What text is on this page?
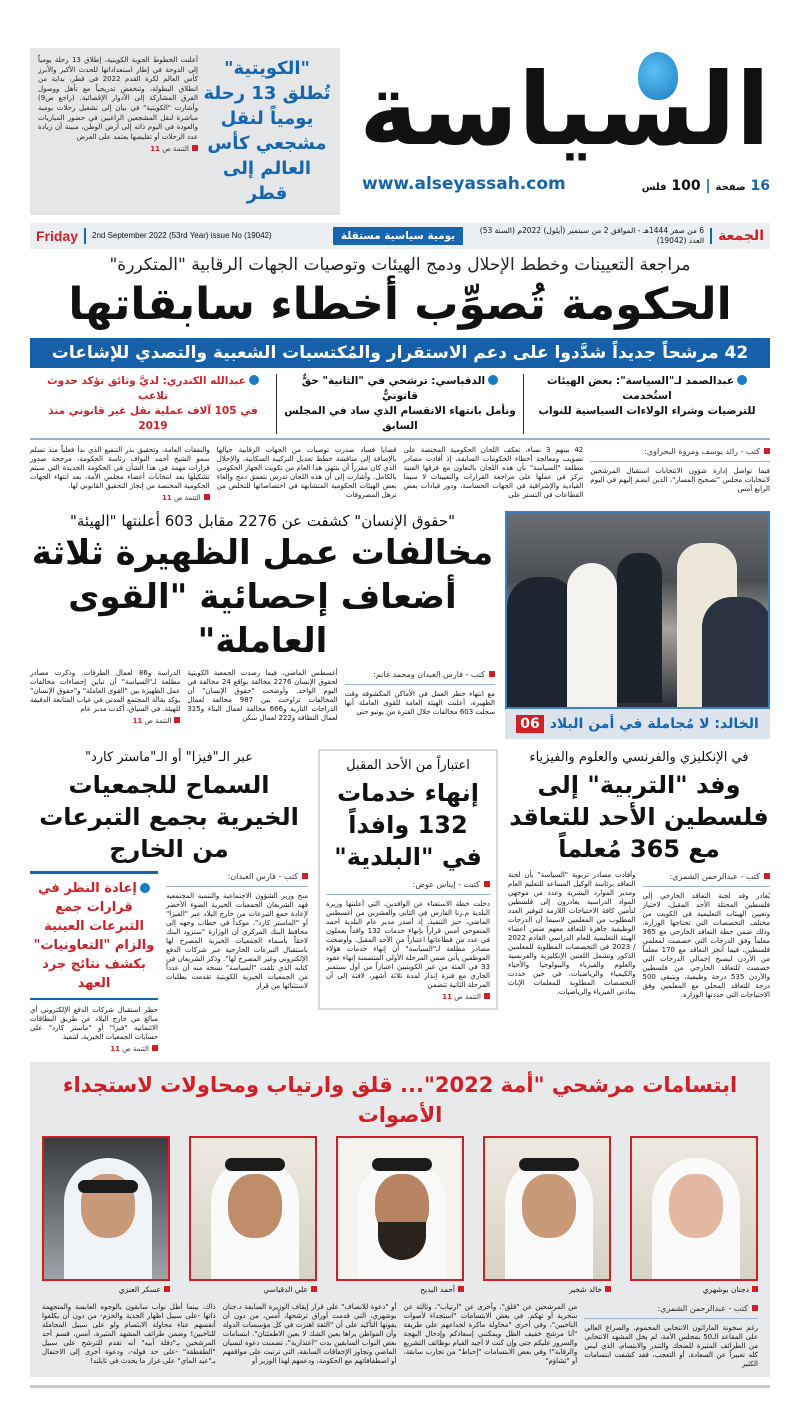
"الكويتية" تُطلق 13 رحلة يومياً لنقل مشجعي كأس العالم إلى قطر
أعلنت الخطوط الجوية الكويتية، إطلاق 13 رحلة يومياً إلى الدوحة في إطار استعداداتها للحدث الأكبر والأبرز كأس العالم لكرة القدم 2022 في قطر، بداية من انطلاق البطولة، وتنخفض تدريجياً مع تأهل ووصول الفرق المشاركة إلى الأدوار الإقصائية. (راجع ص9) وأشارت "الكويتية" في بيان إلى تشغيل رحلات يومية مباشرة لنقل المشجعين الراغبين في حضور المباريات والعودة في اليوم ذاته إلى أرض الوطن، مبينة أن زيادة عدد الرحلات أو تقليصها يعتمد على العرض
التتمة ص 11	السياسة
16 صفحة | 100 فلس
www.alseyassah.com
الجمعة
6 من صفر 1444هـ - الموافق 2 من سبتمبر (أيلول) 2022م (السنة 53) العدد (19042)
يومية سياسية مستقلة
2nd September 2022 (53rd Year) issue No (19042)
Friday
مراجعة التعيينات وخطط الإحلال ودمج الهيئات وتوصيات الجهات الرقابية "المتكررة"
الحكومة تُصوِّب أخطاء سابقاتها
42 مرشحاً جديداً شدَّدوا على دعم الاستقرار والمُكتسبات الشعبية والتصدي للإشاعات
عبدالصمد لـ"السياسة": بعض الهيئات استُخدمت
للترضيات وشراء الولاءات السياسية للنواب
الدقباسي: ترشحي في "الثانية" حقٌّ قانونيٌّ
ونأمل بانتهاء الانقسام الذي ساد في المجلس السابق
عبدالله الكندري: لديَّ وثائق تؤكد حدوث تلاعب
في 105 آلاف عملية نقل غير قانوني منذ 2019
كتب - رائد يوسف ومروة البحراوي:
فيما تواصل إدارة شؤون الانتخابات استقبال المرشحين لانتخابات مجلس "تصحيح المسار"، الذين انضم إليهم في اليوم الرابع أمس
42 بينهم 3 نساء، تعكف اللجان الحكومية المختصة على تصويب ومعالجة أخطاء الحكومات السابقة، إذ أفادت مصادر مطلعة "السياسة" بأن هذه اللجان بالتعاون مع فرقها الفنية تركز في عملها على مراجعة القرارات والتعيينات لا سيما القيادية والإشرافية في الجهات الحساسة، ودور قيادات بعض القطاعات في التستر على
قضايا فساد صدرت توصيات من الجهات الرقابية حيالها بالإضافة إلى مناقشة خطط تعديل التركيبة السكانية، والإحلال الذي كان مقرراً أن ينتهي هذا العام من تكويت الجهاز الحكومي بالكامل. وأشارت إلى أن هذه اللجان تدرس بتعمق دمج وإلغاء بعض الهيئات الحكومية المتشابهة في اختصاصاتها للتخلص من ترهل المصروفات
والنفقات العامة، وتحقيق بذر التنفيع الذي بدأ فعلياً منذ تسلم سمو الشيخ أحمد النواف رئاسة الحكومة، مرجحة صدور قرارات مهمة في هذا الشأن في الحكومة الجديدة التي سيتم تشكيلها بعد انتخابات أعضاء مجلس الأمة، بعد انتهاء الجهات الحكومية المختصة من إنجاز التحقيق القانوني لها.
التتمة ص 11
الخالد: لا مُجاملة في أمن البلاد
06
"حقوق الإنسان" كشفت عن 2276 مقابل 603 أعلنتها "الهيئة"
مخالفات عمل الظهيرة ثلاثة أضعاف إحصائية "القوى العاملة"
كتب - فارس العبدان ومحمد غانم:
مع انتهاء حظر العمل في الأماكن المكشوفة وقت الظهيرة، أعلنت الهيئة العامة للقوى العاملة أنها سجلت 603 مخالفات خلال الفترة من يونيو حتى
أغسطس الماضي، فيما رصدت الجمعية الكويتية لحقوق الإنسان 2276 مخالفة بواقع 24 مخالفة في اليوم الواحد. وأوضحت "حقوق الإنسان" أن المخالفات تراوحت بين 987 مخالفة لعمال الدراجات النارية و666 مخالفة لعمال البناء و315 لعمال النظافة و222 لعمال سكن
الدراسة و86 لعمال الطرقات. وذكرت مصادر مطلعة لـ"السياسة" أن تباين إحصاءات مخالفات عمل الظهيرة بين "القوى العاملة" و"حقوق الإنسان" يؤكد بقالة المجتمع المدني في غياب المتابعة الدقيقة للهيئة. في السياق، أكدت مدير عام
التتمة ص 11
في الإنكليزي والفرنسي والعلوم والفيزياء
وفد "التربية" إلى فلسطين الأحد للتعاقد مع 365 مُعلماً
كتب - عبدالرحمن الشمري:
يُغادر وفد لجنة التعاقد الخارجي إلى فلسطين المحتلة الأحد المقبل، لاختيار وتعيين الهيئات التعليمية في الكويت من مختلف التخصصات التي تحتاجها الوزارة، وذلك ضمن خطة التعاقد الخارجي مع 365 معلماً وفق الدرجات التي خصصت لمعلمي فلسطين، فيما أنجز التعاقد مع 170 معلماً من الأردن ليصبح إجمالي الدرجات التي خصصت للتعاقد الخارجي من فلسطين والأردن 535 درجة وظيفية، ويتبقى 500 درجة للتعاقد المحلي مع المعلمين وفق الاحتياجات التي حددتها الوزارة.
وأفادت مصادر تربوية "السياسة" بأن لجنة التعاقد برئاسة الوكيل المساعد للتعليم العام ومدير الموارد البشرية وعدد من موجهي المواد الدراسية يغادرون إلى فلسطين لتأمين كافة الاحتياجات اللازمة لتوفير العدد المطلوب من المعلمين لاسيما أن الدرجات الوظيفية جاهزة للتعاقد معهم ضمن أعضاء الهيئة التعليمية للعام الدراسي القادم 2022 / 2023 في التخصصات المطلوبة للمعلمين الذكور وتشمل اللغتين الإنكليزية والفرنسية والعلوم والفيزياء والبيولوجيا والأحياء والكيمياء والرياضيات، في حين حددت التخصصات المطلوبة للمعلمات الإناث بمادتي الفيزياء والرياضيات.
اعتباراً من الأحد المقبل
إنهاء خدمات 132 وافداً في "البلدية"
كتبت - إيناس عوض:
دخلت خطة الاستغناء عن الوافدين، التي أعلنتها وزيرة البلدية م.رنا الفارس في الثاني والعشرين من أغسطس الماضي، حيز التنفيذ، إذ أصدر مدير عام البلدية أحمد المنفوحي أمس قراراً بإنهاء خدمات 132 وافداً يعملون في عدد من قطاعاتها اعتباراً من الأحد المقبل. وأوضحت مصادر مطلعة لـ"السياسة" أن إنهاء خدمات هؤلاء الموظفين يأتي ضمن المرحلة الأولى المتضمنة إنهاء عقود 33 في المئة من غير الكويتيين اعتباراً من أول سبتمبر الجاري مع فترة إنذار لمدة ثلاثة أشهر، لافتة إلى أن المرحلة الثانية تتضمن
التتمة ص 11
عبر الـ"فيزا" أو الـ"ماستر كارد"
السماح للجمعيات الخيرية بجمع التبرعات من الخارج
كتب - فارس العبدان:
منح وزير الشؤون الاجتماعية والتنمية المجتمعية فهد الشريعان الجمعيات الخيرية الضوء الأخضر لإعادة جمع التبرعات من خارج البلاد عبر "الفيزا" أو "الماستر كارد"، موكداً في خطاب وجهه إلى محافظ البنك المركزي أن الوزارة "ستزود البنك لاحقاً بأسماء الجمعيات الخيرية المصرح لها باستقبال التبرعات الخارجية عبر شركات الدفع الإلكتروني وغير المصرح لها". وذكر الشريعان في كتابه الذي تلقت "السياسة" نسخة منه أن عدداً من الجمعيات الخيرية الكويتية تقدمت بطلبات لاستثنائها من قرار
إعادة النظر في قرارات جمع التبرعات العينية والزام "التعاونيات" بكشف نتائج جرد العهد
حظر استقبال شركات الدفع الإلكتروني أي مبالغ من خارج البلاد عن طريق البطاقات الائتمانية "فيزا" أو "ماستر كارد" على حسابات الجمعيات الخيرية، لتنفيذ
التتمة ص 11
ابتسامات مرشحي "أمة 2022"... قلق وارتياب ومحاولات لاستجداء الأصوات
دجنان بوشهري
خالد شخير
أحمد البديح
علي الدقباسي
عسكر العنزي
كتب - عبدالرحمن الشمري:
رغم سخونة الماراثون الانتخابي المحموم، والصراع العالي على المقاعد الـ50 بمجلس الأمة، لم يخل المشهد الانتخابي من الطرائف المثيرة للضحك والتندر والابتسام، الذي ليس كله تعبيراً عن السعادة، أو التعجب، فقد كشفت ابتسامات الكثير
من المرشحين عن "قلق"، وأخرى عن "ارتياب"، وثالثة عن سخرية أو تهكم. في بعض الابتسامات "استجداء لأصوات الناخبين"، وفي أخرى "محاولة ماكرة لخداعهم على طريقة "أنا مرشح خفيف الظل ويمكنني إسعادكم وإدخال البهجة والسرور عليكم حتى وإن كنت لا أجيد القيام بوظائف التشريع والرقابة"! وفي بعض الابتسامات "إحباط" من تجارب سابقة، أو "تشاؤم"
أو "دعوة للانصاف" على قرار إيقاف الوزيرة السابقة د.جنان بوشهري، التي قدمت أوراق ترشحها، أمس، من دون أن يفوتها التأكيد على أن "الثقة اهتزت في كل مؤسسات الدولة وأن المواطن يراها بعين الشك لا بعين الاطمئنان". ابتسامات بعض النواب السابقين بدت "اعتذارية"، تضمنت دعوة لنسيان الماضي وتجاوز الإخفاقات السابقة، التي ترتبت على مواقفهم أو اصطفافاتهم مع الحكومة، ودعمهم لهذا الوزير أو
ذاك، بينما أطل نواب سابقون بالوجوه العابسة والمتجهمة ذاتها -على سبيل اظهار الجدية والحزم- من دون أن يكلفوا أنفسهم عناء محاولة الابتسام ولو على سبيل المجاملة للناخبين! وضمن طرائف المشهد المثيرة، أمس، قسم أحد المرشحين بـ"دفلة أبيه" أنه تقدم للترشح على سبيل "الطقطقة" -على حد قوله-، ودعوة أخرى إلى الاحتفال بـ"عيد الماي" على غرار ما يحدث في تايلند!
